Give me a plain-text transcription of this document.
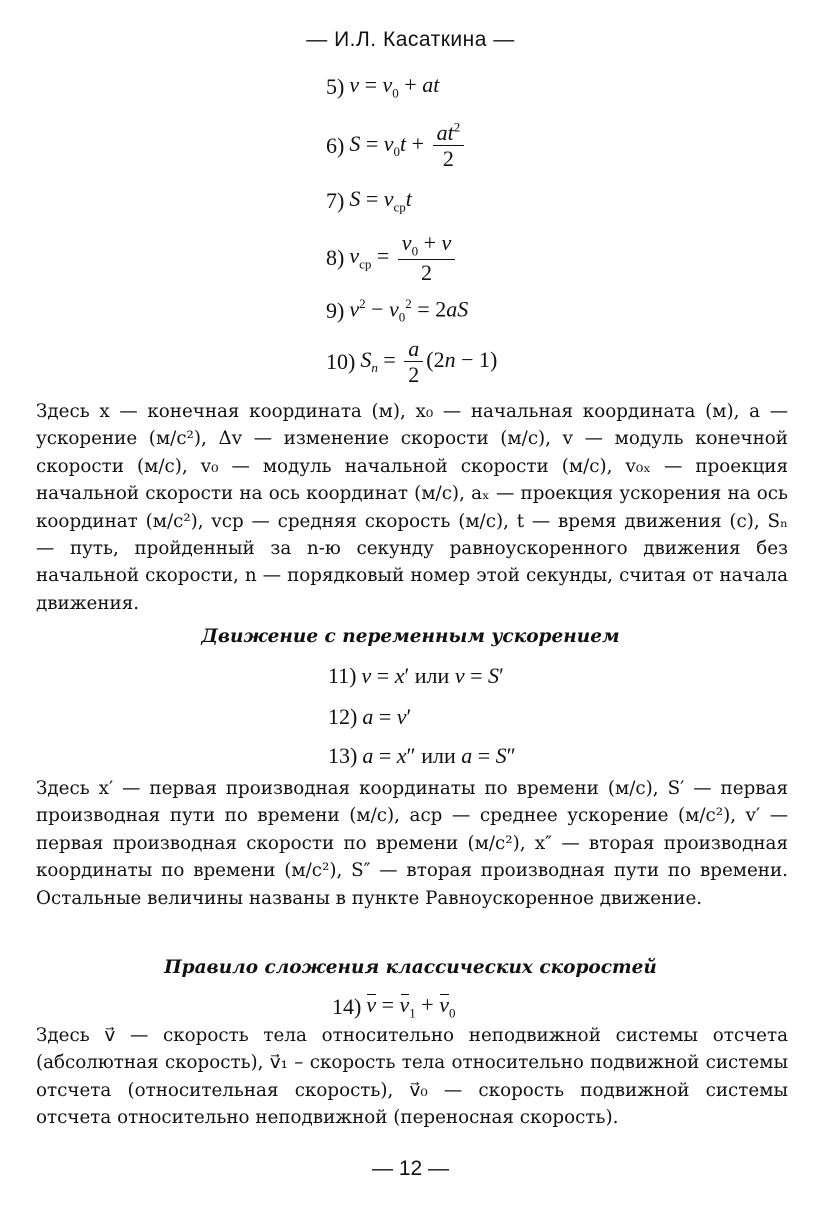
— И.Л. Касаткина —
5) $v = v_0$ + at
6) $S = v_0t + \frac{at^2}{2}$
7) $S = v_{ср}t$
8) $v_{ср} = \frac{v_0 + v}{2}$
9) $v^2 - v_0^2 = 2aS$
10) $S_n = \frac{a}{2} (2n - 1)$
Здесь x — конечная координата (м), x₀ — начальная координата (м), a — ускорение (м/с²), Δv — изменение скорости (м/с), v — модуль конечной скорости (м/с), v₀ — модуль начальной скорости (м/с), v₀ₓ — проекция начальной скорости на ось координат (м/с), aₓ — проекция ускорения на ось координат (м/с²), vср — средняя скорость (м/с), t — время движения (с), Sₙ — путь, пройденный за n-ю секунду равноускоренного движения без начальной скорости, n — порядковый номер этой секунды, считая от начала движения.
Движение с переменным ускорением
11) v = x′ или v = S′
12) a = v′
13) a = x″ или a = S″
Здесь x′ — первая производная координаты по времени (м/с), S′ — первая производная пути по времени (м/с), aср — среднее ускорение (м/с²), v′ — первая производная скорости по времени (м/с²), x″ — вторая производная координаты по времени (м/с²), S″ — вторая производная пути по времени. Остальные величины названы в пункте Равноускоренное движение.
Правило сложения классических скоростей
14) $v = v_1 + v_0$
Здесь v⃗ — скорость тела относительно неподвижной системы отсчета (абсолютная скорость), v⃗₁ – скорость тела относительно подвижной системы отсчета (относительная скорость), v⃗₀ — скорость подвижной системы отсчета относительно неподвижной (переносная скорость).
— 12 —
